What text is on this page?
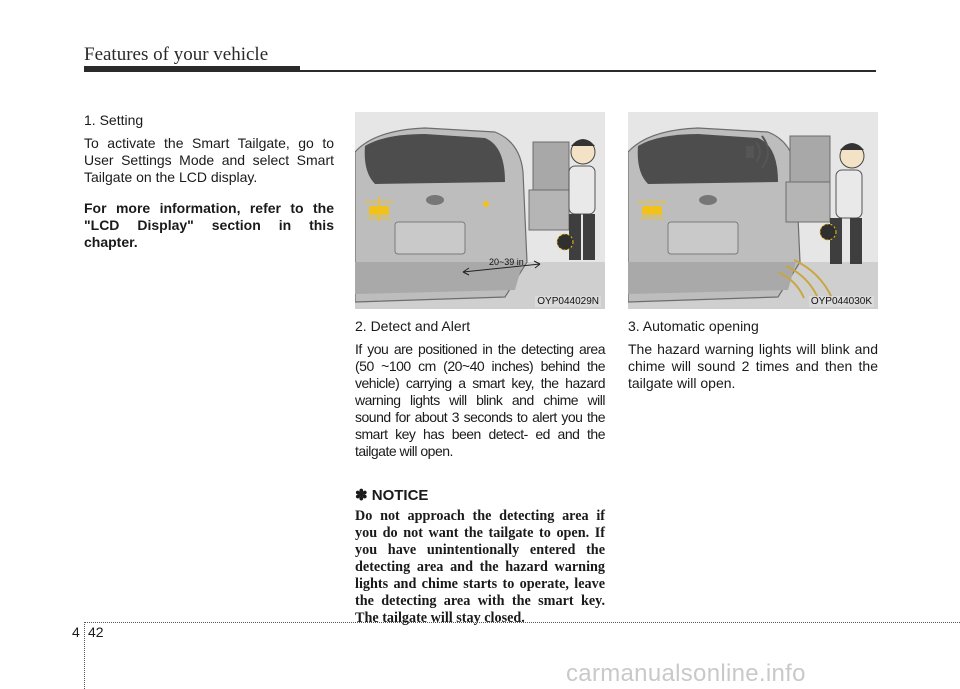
Features of your vehicle

1. Setting

To activate the Smart Tailgate, go to User Settings Mode and select Smart Tailgate on the LCD display.

For more information, refer to the "LCD Display" section in this chapter.

20~39 in
OYP044029N

2. Detect and Alert

If you are positioned in the detecting area (50 ~100 cm (20~40 inches) behind the vehicle) carrying a smart key, the hazard warning lights will blink and chime will sound for about 3 seconds to alert you the smart key has been detect- ed and the tailgate will open.

✽ NOTICE

Do not approach the detecting area if you do not want the tailgate to open. If you have unintentionally entered the detecting area and the hazard warning lights and chime starts to operate, leave the detecting area with the smart key. The tailgate will stay closed.

OYP044030K

3. Automatic opening

The hazard warning lights will blink and chime will sound 2 times and then the tailgate will open.

4 42
carmanualsonline.info
